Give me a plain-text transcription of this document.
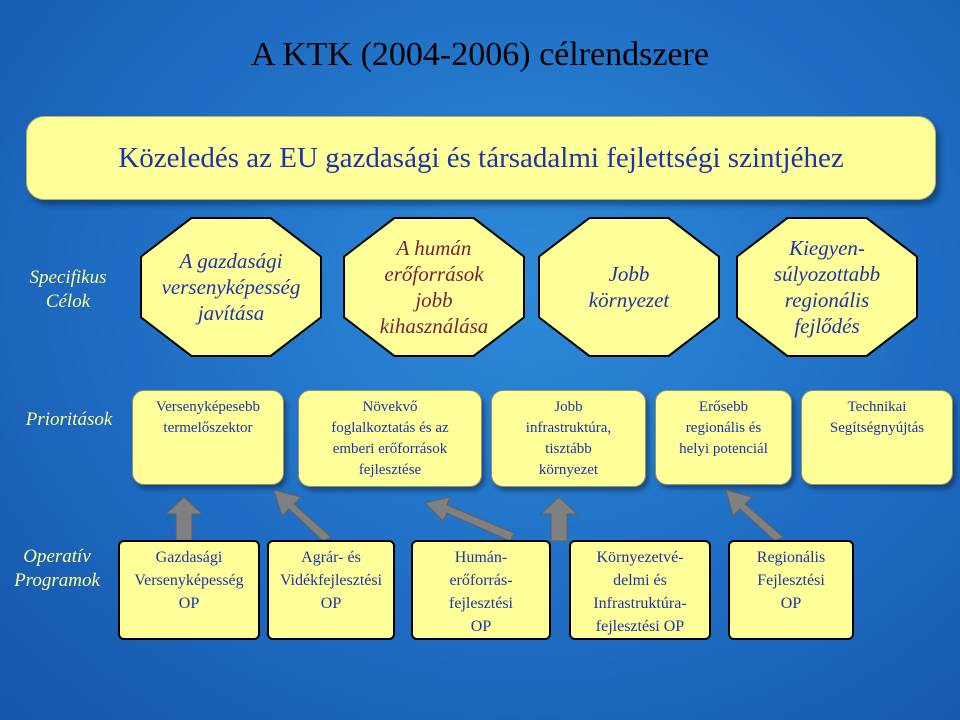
A KTK (2004-2006) célrendszere
Közeledés az EU gazdasági és társadalmi fejlettségi szintjéhez
Specifikus
Célok
Prioritások
Operatív
Programok
A gazdasági
versenyképesség
javítása
A humán
erőforrások
jobb
kihasználása
Jobb
környezet
Kiegyen-
súlyozottabb
regionális
fejlődés
Versenyképesebb
termelőszektor
Növekvő
foglalkoztatás és az
emberi erőforrások
fejlesztése
Jobb
infrastruktúra,
tisztább
környezet
Erősebb
regionális és
helyi potenciál
Technikai
Segítségnyújtás
Gazdasági
Versenyképesség
OP
Agrár- és
Vidékfejlesztési
OP
Humán-
erőforrás-
fejlesztési
OP
Környezetvé-
delmi és
Infrastruktúra-
fejlesztési OP
Regionális
Fejlesztési
OP
